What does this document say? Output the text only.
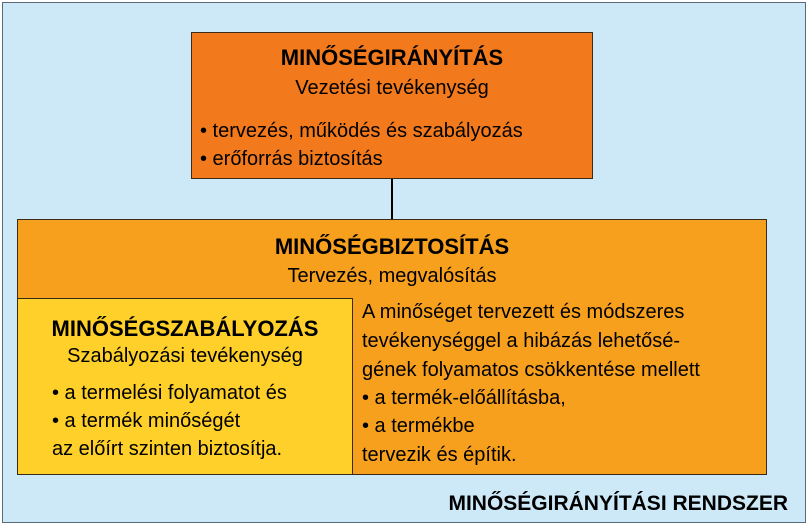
MINŐSÉGIRÁNYÍTÁS
Vezetési tevékenység
• tervezés, működés és szabályozás
• erőforrás biztosítás
MINŐSÉGBIZTOSÍTÁS
Tervezés, megvalósítás
A minőséget tervezett és módszeres
tevékenységgel a hibázás lehetősé-
gének folyamatos csökkentése mellett
• a termék-előállításba,
• a termékbe
tervezik és építik.
MINŐSÉGSZABÁLYOZÁS
Szabályozási tevékenység
• a termelési folyamatot és
• a termék minőségét
az előírt szinten biztosítja.
MINŐSÉGIRÁNYÍTÁSI RENDSZER
